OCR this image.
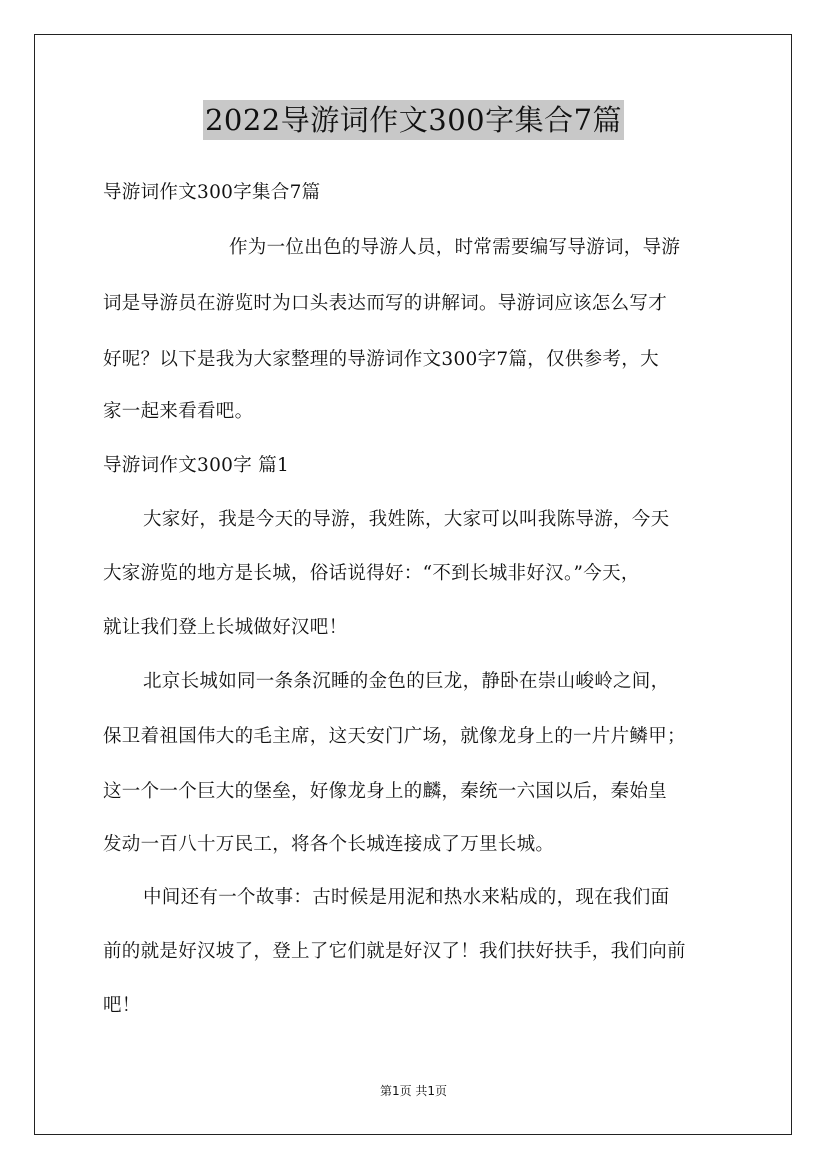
2022导游词作文300字集合7篇
导游词作文300字集合7篇
作为一位出色的导游人员，时常需要编写导游词，导游
词是导游员在游览时为口头表达而写的讲解词。导游词应该怎么写才
好呢？以下是我为大家整理的导游词作文300字7篇，仅供参考，大
家一起来看看吧。
导游词作文300字 篇1
大家好，我是今天的导游，我姓陈，大家可以叫我陈导游，今天
大家游览的地方是长城，俗话说得好：“不到长城非好汉。”今天，
就让我们登上长城做好汉吧！
北京长城如同一条条沉睡的金色的巨龙，静卧在崇山峻岭之间，
保卫着祖国伟大的毛主席，这天安门广场，就像龙身上的一片片鳞甲；
这一个一个巨大的堡垒，好像龙身上的麟，秦统一六国以后，秦始皇
发动一百八十万民工，将各个长城连接成了万里长城。
中间还有一个故事：古时候是用泥和热水来粘成的，现在我们面
前的就是好汉坡了，登上了它们就是好汉了！我们扶好扶手，我们向前
吧！
第1页 共1页
